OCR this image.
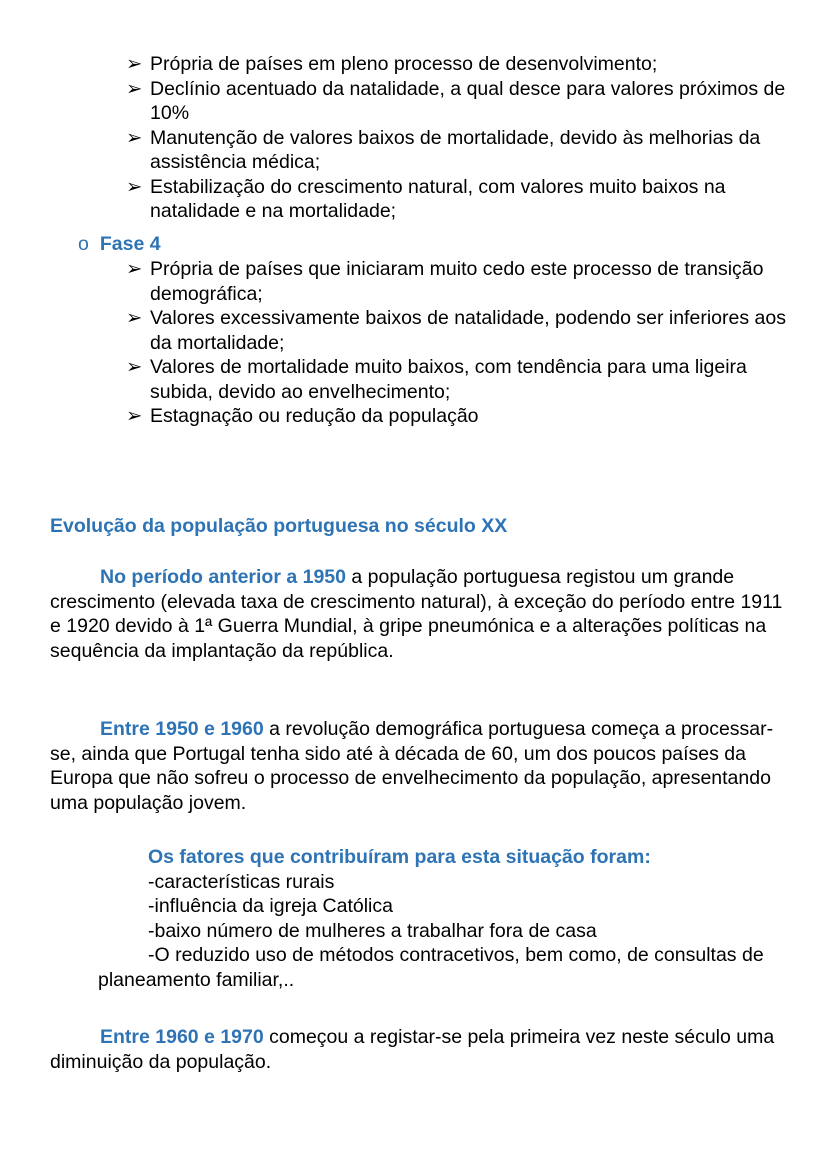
➢ Própria de países em pleno processo de desenvolvimento;
➢ Declínio acentuado da natalidade, a qual desce para valores próximos de 10%
➢ Manutenção de valores baixos de mortalidade, devido às melhorias da assistência médica;
➢ Estabilização do crescimento natural, com valores muito baixos na natalidade e na mortalidade;
o Fase 4
➢ Própria de países que iniciaram muito cedo este processo de transição demográfica;
➢ Valores excessivamente baixos de natalidade, podendo ser inferiores aos da mortalidade;
➢ Valores de mortalidade muito baixos, com tendência para uma ligeira subida, devido ao envelhecimento;
➢ Estagnação ou redução da população
Evolução da população portuguesa no século XX

No período anterior a 1950 a população portuguesa registou um grande crescimento (elevada taxa de crescimento natural), à exceção do período entre 1911 e 1920 devido à 1ª Guerra Mundial, à gripe pneumónica e a alterações políticas na sequência da implantação da república.

Entre 1950 e 1960 a revolução demográfica portuguesa começa a processar-se, ainda que Portugal tenha sido até à década de 60, um dos poucos países da Europa que não sofreu o processo de envelhecimento da população, apresentando uma população jovem.

Os fatores que contribuíram para esta situação foram:
-características rurais
-influência da igreja Católica
-baixo número de mulheres a trabalhar fora de casa
-O reduzido uso de métodos contracetivos, bem como, de consultas de planeamento familiar,..

Entre 1960 e 1970 começou a registar-se pela primeira vez neste século uma diminuição da população.
